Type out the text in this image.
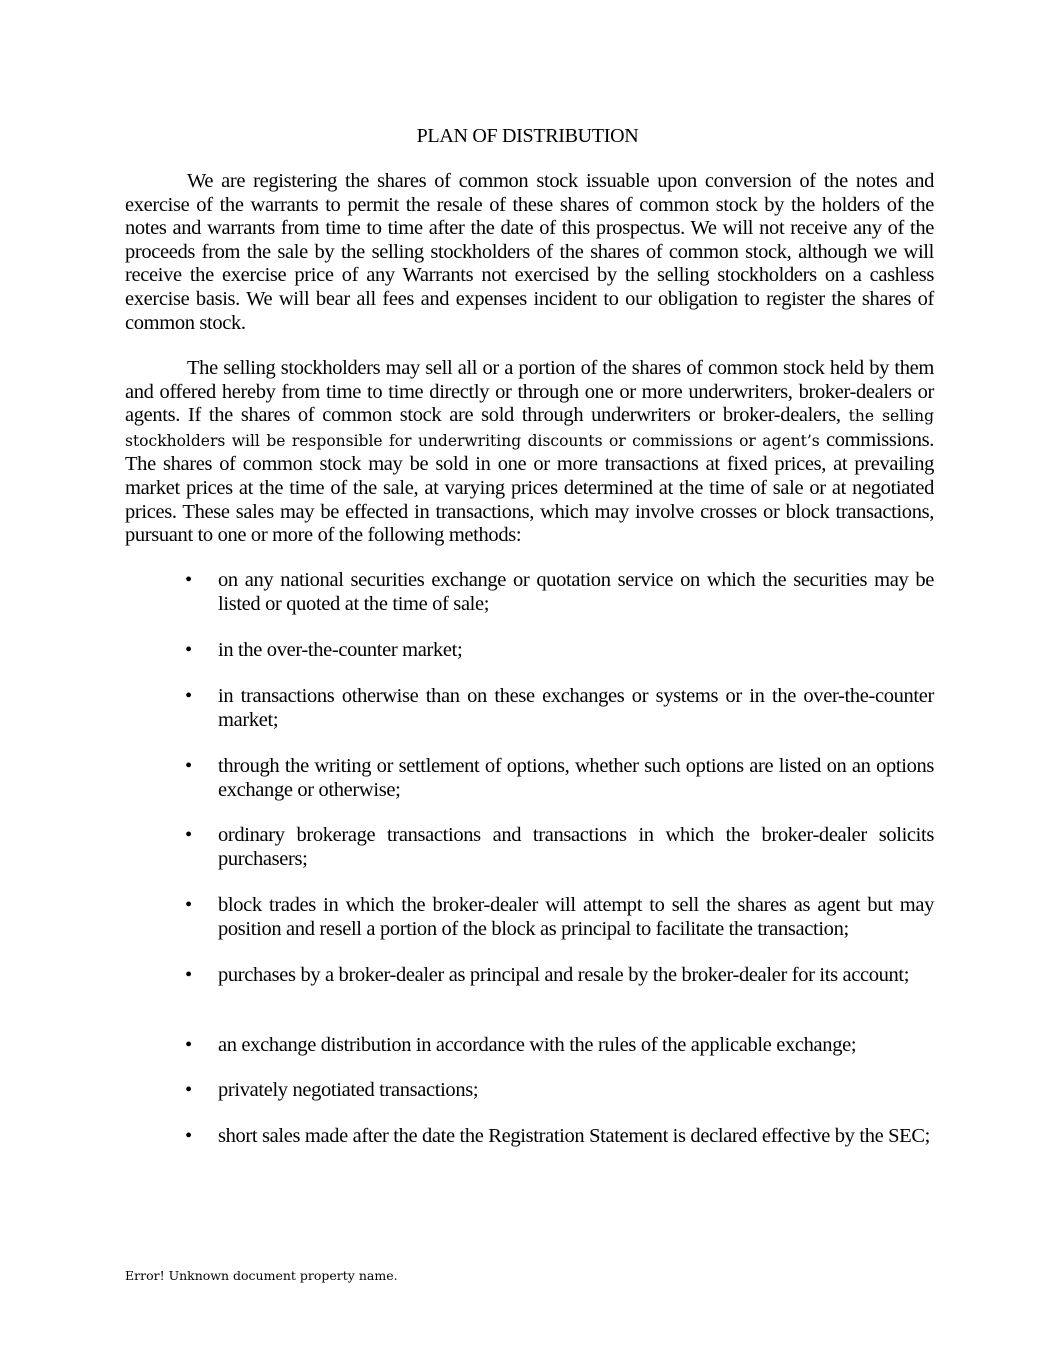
PLAN OF DISTRIBUTION

We are registering the shares of common stock issuable upon conversion of the notes and exercise of the warrants to permit the resale of these shares of common stock by the holders of the notes and warrants from time to time after the date of this prospectus. We will not receive any of the proceeds from the sale by the selling stockholders of the shares of common stock, although we will receive the exercise price of any Warrants not exercised by the selling stockholders on a cashless exercise basis. We will bear all fees and expenses incident to our obligation to register the shares of common stock.

The selling stockholders may sell all or a portion of the shares of common stock held by them and offered hereby from time to time directly or through one or more underwriters, broker-dealers or agents. If the shares of common stock are sold through underwriters or broker-dealers, the selling stockholders will be responsible for underwriting discounts or commissions or agent’s commissions. The shares of common stock may be sold in one or more transactions at fixed prices, at prevailing market prices at the time of the sale, at varying prices determined at the time of sale or at negotiated prices. These sales may be effected in transactions, which may involve crosses or block transactions, pursuant to one or more of the following methods:

•	on any national securities exchange or quotation service on which the securities may be listed or quoted at the time of sale;
•	in the over-the-counter market;
•	in transactions otherwise than on these exchanges or systems or in the over-the-counter market;
•	through the writing or settlement of options, whether such options are listed on an options exchange or otherwise;
•	ordinary brokerage transactions and transactions in which the broker-dealer solicits purchasers;
•	block trades in which the broker-dealer will attempt to sell the shares as agent but may position and resell a portion of the block as principal to facilitate the transaction;
•	purchases by a broker-dealer as principal and resale by the broker-dealer for its account;
•	an exchange distribution in accordance with the rules of the applicable exchange;
•	privately negotiated transactions;
•	short sales made after the date the Registration Statement is declared effective by the SEC;
Error! Unknown document property name.
